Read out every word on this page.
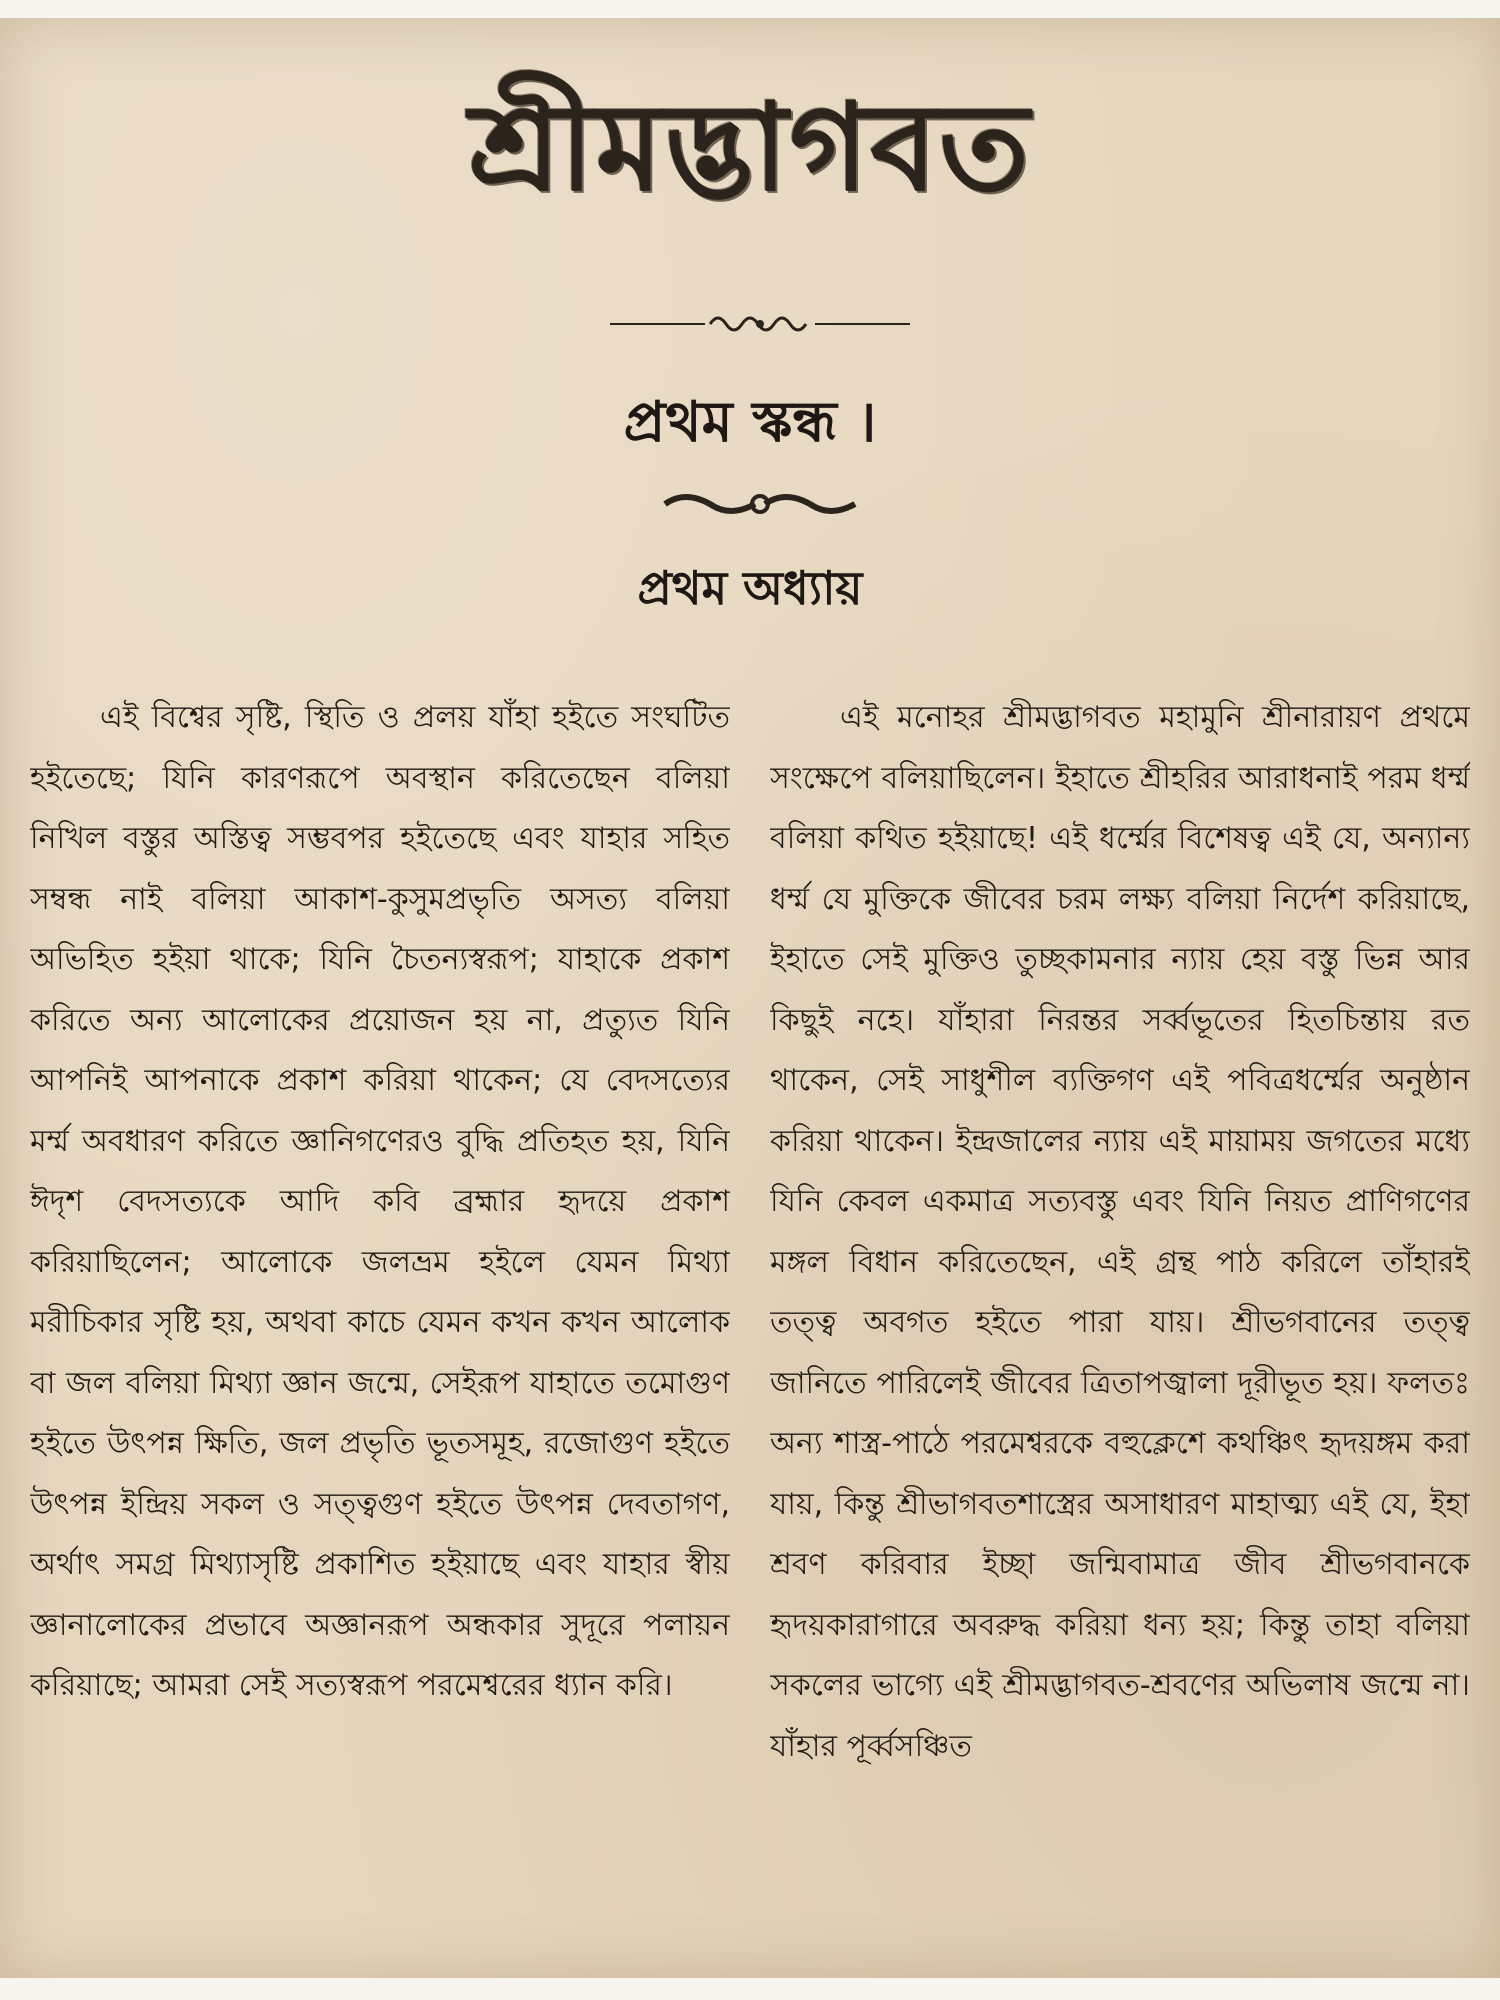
শ্রীমদ্ভাগবত
প্রথম স্কন্ধ ।
প্রথম অধ্যায়

এই বিশ্বের সৃষ্টি, স্থিতি ও প্রলয় যাঁহা হইতে সংঘটিত হইতেছে; যিনি কারণরূপে অবস্থান করিতেছেন বলিয়া নিখিল বস্তুর অস্তিত্ব সম্ভবপর হইতেছে এবং যাহার সহিত সম্বন্ধ নাই বলিয়া আকাশ-কুসুমপ্রভৃতি অসত্য বলিয়া অভিহিত হইয়া থাকে; যিনি চৈতন্যস্বরূপ; যাহাকে প্রকাশ করিতে অন্য আলোকের প্রয়োজন হয় না, প্রত্যুত যিনি আপনিই আপনাকে প্রকাশ করিয়া থাকেন; যে বেদসত্যের মর্ম্ম অবধারণ করিতে জ্ঞানিগণেরও বুদ্ধি প্রতিহত হয়, যিনি ঈদৃশ বেদসত্যকে আদি কবি ব্রহ্মার হৃদয়ে প্রকাশ করিয়াছিলেন; আলোকে জলভ্রম হইলে যেমন মিথ্যা মরীচিকার সৃষ্টি হয়, অথবা কাচে যেমন কখন কখন আলোক বা জল বলিয়া মিথ্যা জ্ঞান জন্মে, সেইরূপ যাহাতে তমোগুণ হইতে উৎপন্ন ক্ষিতি, জল প্রভৃতি ভূতসমূহ, রজোগুণ হইতে উৎপন্ন ইন্দ্রিয় সকল ও সত্ত্বগুণ হইতে উৎপন্ন দেবতাগণ, অর্থাৎ সমগ্র মিথ্যাসৃষ্টি প্রকাশিত হইয়াছে এবং যাহার স্বীয় জ্ঞানালোকের প্রভাবে অজ্ঞানরূপ অন্ধকার সুদূরে পলায়ন করিয়াছে; আমরা সেই সত্যস্বরূপ পরমেশ্বরের ধ্যান করি।

এই মনোহর শ্রীমদ্ভাগবত মহামুনি শ্রীনারায়ণ প্রথমে সংক্ষেপে বলিয়াছিলেন। ইহাতে শ্রীহরির আরাধনাই পরম ধর্ম্ম বলিয়া কথিত হইয়াছে! এই ধর্ম্মের বিশেষত্ব এই যে, অন্যান্য ধর্ম্ম যে মুক্তিকে জীবের চরম লক্ষ্য বলিয়া নির্দেশ করিয়াছে, ইহাতে সেই মুক্তিও তুচ্ছকামনার ন্যায় হেয় বস্তু ভিন্ন আর কিছুই নহে। যাঁহারা নিরন্তর সর্ব্বভূতের হিতচিন্তায় রত থাকেন, সেই সাধুশীল ব্যক্তিগণ এই পবিত্রধর্ম্মের অনুষ্ঠান করিয়া থাকেন। ইন্দ্রজালের ন্যায় এই মায়াময় জগতের মধ্যে যিনি কেবল একমাত্র সত্যবস্তু এবং যিনি নিয়ত প্রাণিগণের মঙ্গল বিধান করিতেছেন, এই গ্রন্থ পাঠ করিলে তাঁহারই তত্ত্ব অবগত হইতে পারা যায়। শ্রীভগবানের তত্ত্ব জানিতে পারিলেই জীবের ত্রিতাপজ্বালা দূরীভূত হয়। ফলতঃ অন্য শাস্ত্র-পাঠে পরমেশ্বরকে বহুক্লেশে কথঞ্চিৎ হৃদয়ঙ্গম করা যায়, কিন্তু শ্রীভাগবতশাস্ত্রের অসাধারণ মাহাত্ম্য এই যে, ইহা শ্রবণ করিবার ইচ্ছা জন্মিবামাত্র জীব শ্রীভগবানকে হৃদয়কারাগারে অবরুদ্ধ করিয়া ধন্য হয়; কিন্তু তাহা বলিয়া সকলের ভাগ্যে এই শ্রীমদ্ভাগবত-শ্রবণের অভিলাষ জন্মে না। যাঁহার পূর্ব্বসঞ্চিত
